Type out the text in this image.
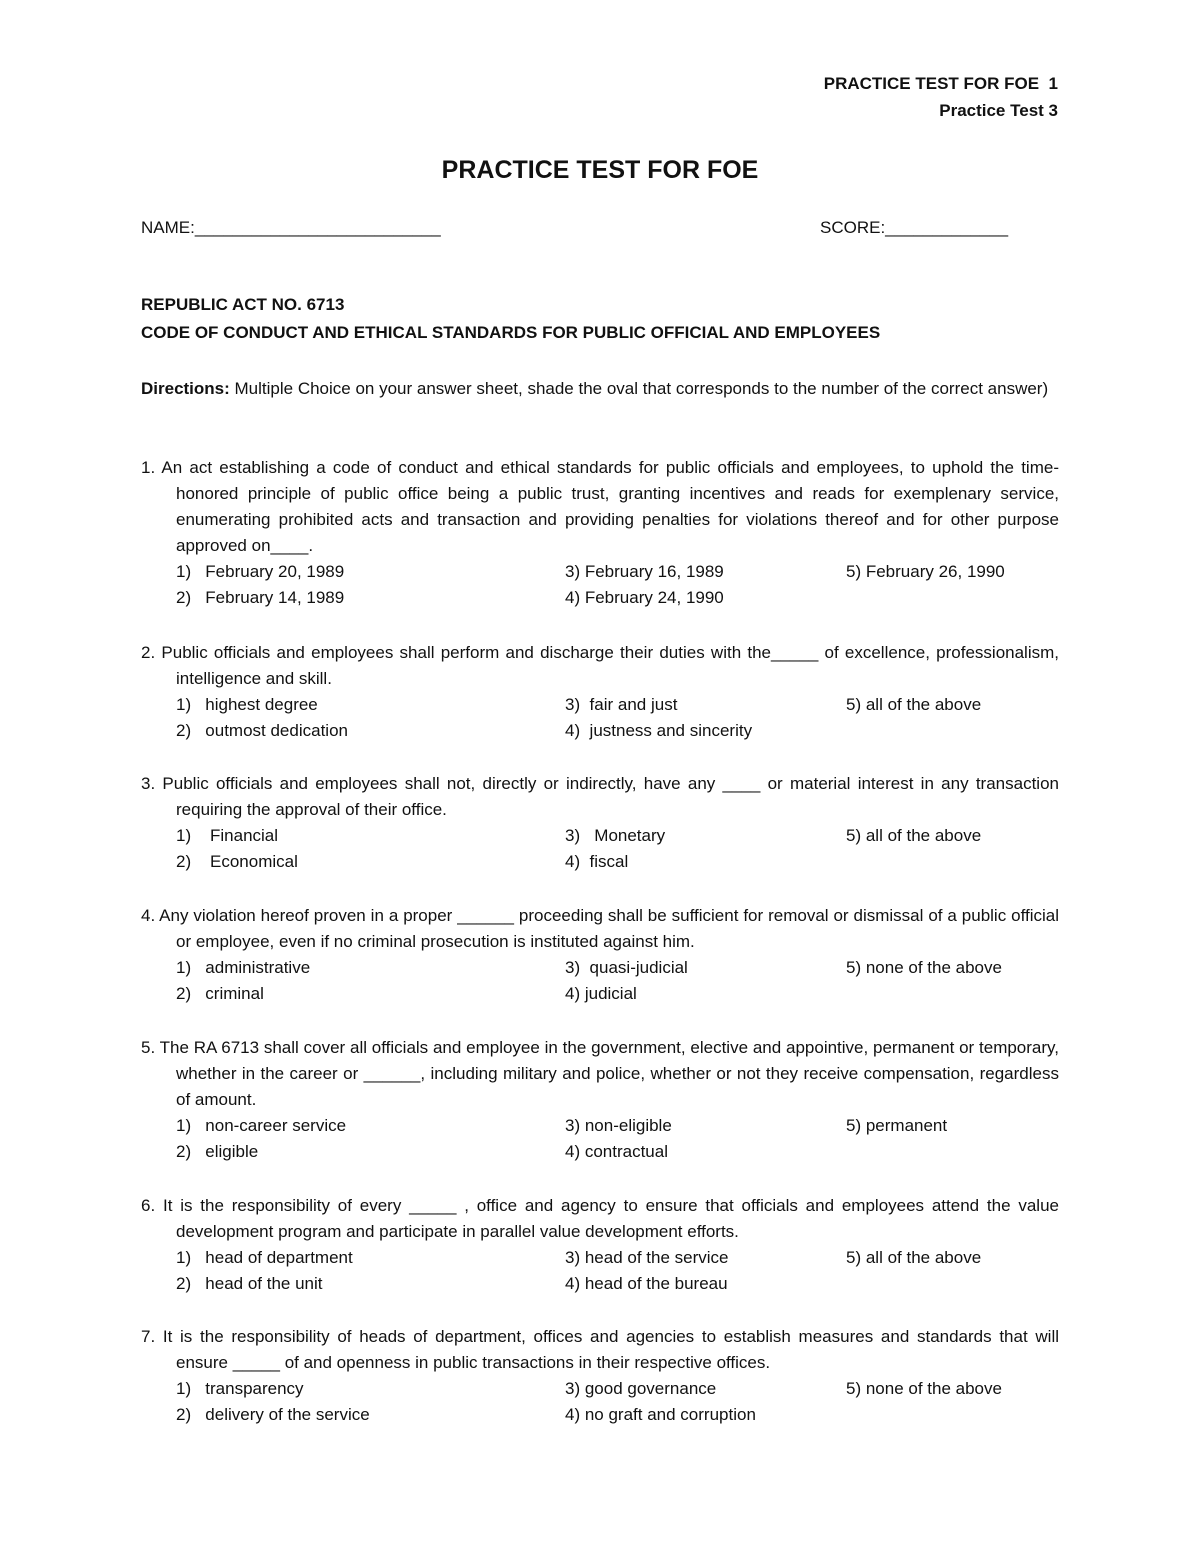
PRACTICE TEST FOR FOE  1
Practice Test 3
PRACTICE TEST FOR FOE
NAME:__________________________	SCORE:_____________
REPUBLIC ACT NO. 6713
CODE OF CONDUCT AND ETHICAL STANDARDS FOR PUBLIC OFFICIAL AND EMPLOYEES
Directions: Multiple Choice on your answer sheet, shade the oval that corresponds to the number of the correct answer)
1. An act establishing a code of conduct and ethical standards for public officials and employees, to uphold the time-honored principle of public office being a public trust, granting incentives and reads for exemplenary service, enumerating prohibited acts and transaction and providing penalties for violations thereof and for other purpose approved on____.
1)   February 20, 1989
2)   February 14, 1989
3) February 16, 1989
4) February 24, 1990
5) February 26, 1990
2. Public officials and employees shall perform and discharge their duties with the_____ of excellence, professionalism, intelligence and skill.
1)   highest degree
2)   outmost dedication
3)  fair and just
4)  justness and sincerity
5) all of the above
3. Public officials and employees shall not, directly or indirectly, have any ____ or material interest in any transaction requiring the approval of their office.
1)    Financial
2)    Economical
3)   Monetary
4)  fiscal
5) all of the above
4. Any violation hereof proven in a proper ______ proceeding shall be sufficient for removal or dismissal of a public official or employee, even if no criminal prosecution is instituted against him.
1)   administrative
2)   criminal
3)  quasi-judicial
4) judicial
5) none of the above
5. The RA 6713 shall cover all officials and employee in the government, elective and appointive, permanent or temporary, whether in the career or ______, including military and police, whether or not they receive compensation, regardless of amount.
1)   non-career service
2)   eligible
3) non-eligible
4) contractual
5) permanent
6. It is the responsibility of every _____ , office and agency to ensure that officials and employees attend the value development program and participate in parallel value development efforts.
1)   head of department
2)   head of the unit
3) head of the service
4) head of the bureau
5) all of the above
7. It is the responsibility of heads of department, offices and agencies to establish measures and standards that will ensure _____ of and openness in public transactions in their respective offices.
1)   transparency
2)   delivery of the service
3) good governance
4) no graft and corruption
5) none of the above
